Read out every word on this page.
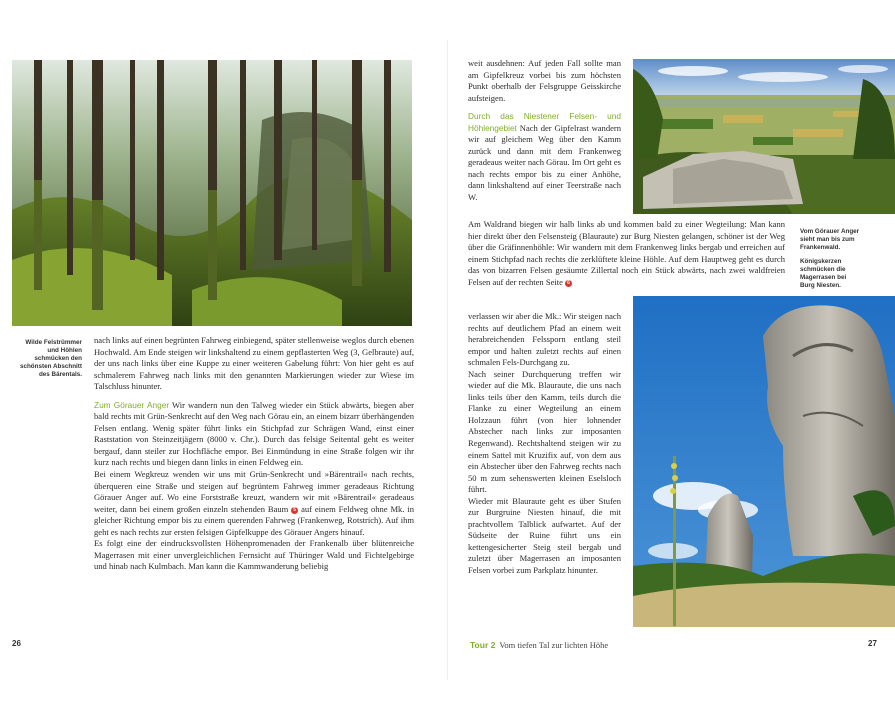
Wilde Felstrümmer und Höhlen schmücken den schönsten Abschnitt des Bärentals.

nach links auf einen begrünten Fahrweg einbiegend, später stellenweise weglos durch ebenen Hochwald. Am Ende steigen wir linkshaltend zu einem gepflasterten Weg (3, Gelbraute) auf, der uns nach links über eine Kuppe zu einer weiteren Gabelung führt: Von hier geht es auf schmalerem Fahrweg nach links mit den genannten Markierungen wieder zur Wiese im Talschluss hinunter.

Zum Görauer Anger Wir wandern nun den Talweg wieder ein Stück abwärts, biegen aber bald rechts mit Grün-Senkrecht auf den Weg nach Görau ein, an einem bizarr überhängenden Felsen entlang. Wenig später führt links ein Stichpfad zur Schrägen Wand, einst einer Raststation von Steinzeitjägern (8000 v. Chr.). Durch das felsige Seitental geht es weiter bergauf, dann steiler zur Hochfläche empor. Bei Einmündung in eine Straße folgen wir ihr kurz nach rechts und biegen dann links in einen Feldweg ein.

Bei einem Wegkreuz wenden wir uns mit Grün-Senkrecht und »Bärentrail« nach rechts, überqueren eine Straße und steigen auf begrüntem Fahrweg immer geradeaus Richtung Görauer Anger auf. Wo eine Forststraße kreuzt, wandern wir mit »Bärentrail« geradeaus weiter, dann bei einem großen einzeln stehenden Baum 5 auf einem Feldweg ohne Mk. in gleicher Richtung empor bis zu einem querenden Fahrweg (Frankenweg, Rotstrich). Auf ihm geht es nach rechts zur ersten felsigen Gipfelkuppe des Görauer Angers hinauf.

Es folgt eine der eindrucksvollsten Höhenpromenaden der Frankenalb über blütenreiche Magerrasen mit einer unvergleichlichen Fernsicht auf Thüringer Wald und Fichtelgebirge und hinab nach Kulmbach. Man kann die Kammwanderung beliebig

26

weit ausdehnen: Auf jeden Fall sollte man am Gipfelkreuz vorbei bis zum höchsten Punkt oberhalb der Felsgruppe Geisskirche aufsteigen.

Durch das Niestener Felsen- und Höhlengebiet Nach der Gipfelrast wandern wir auf gleichem Weg über den Kamm zurück und dann mit dem Frankenweg geradeaus weiter nach Görau. Im Ort geht es nach rechts empor bis zu einer Anhöhe, dann linkshaltend auf einer Teerstraße nach W.

Vom Görauer Anger sieht man bis zum Frankenwald.
Königskerzen schmücken die Magerrasen bei Burg Niesten.

Am Waldrand biegen wir halb links ab und kommen bald zu einer Wegteilung: Man kann hier direkt über den Felsensteig (Blauraute) zur Burg Niesten gelangen, schöner ist der Weg über die Gräfinnenhöhle: Wir wandern mit dem Frankenweg links bergab und erreichen auf einem Stichpfad nach rechts die zerklüftete kleine Höhle. Auf dem Hauptweg geht es durch das von bizarren Felsen gesäumte Zillertal noch ein Stück abwärts, nach zwei waldfreien Felsen auf der rechten Seite 6

verlassen wir aber die Mk.: Wir steigen nach rechts auf deutlichem Pfad an einem weit herabreichenden Felssporn entlang steil empor und halten zuletzt rechts auf einen schmalen Fels-Durchgang zu.

Nach seiner Durchquerung treffen wir wieder auf die Mk. Blauraute, die uns nach links teils über den Kamm, teils durch die Flanke zu einer Wegteilung an einem Holzzaun führt (von hier lohnender Abstecher nach links zur imposanten Regenwand). Rechtshaltend steigen wir zu einem Sattel mit Kruzifix auf, von dem aus ein Abstecher über den Fahrweg rechts nach 50 m zum sehenswerten kleinen Eselsloch führt.

Wieder mit Blauraute geht es über Stufen zur Burgruine Niesten hinauf, die mit prachtvollem Talblick aufwartet. Auf der Südseite der Ruine führt uns ein kettengesicherter Steig steil bergab und zuletzt über Magerrasen an imposanten Felsen vorbei zum Parkplatz hinunter.

Tour 2 Vom tiefen Tal zur lichten Höhe	27
